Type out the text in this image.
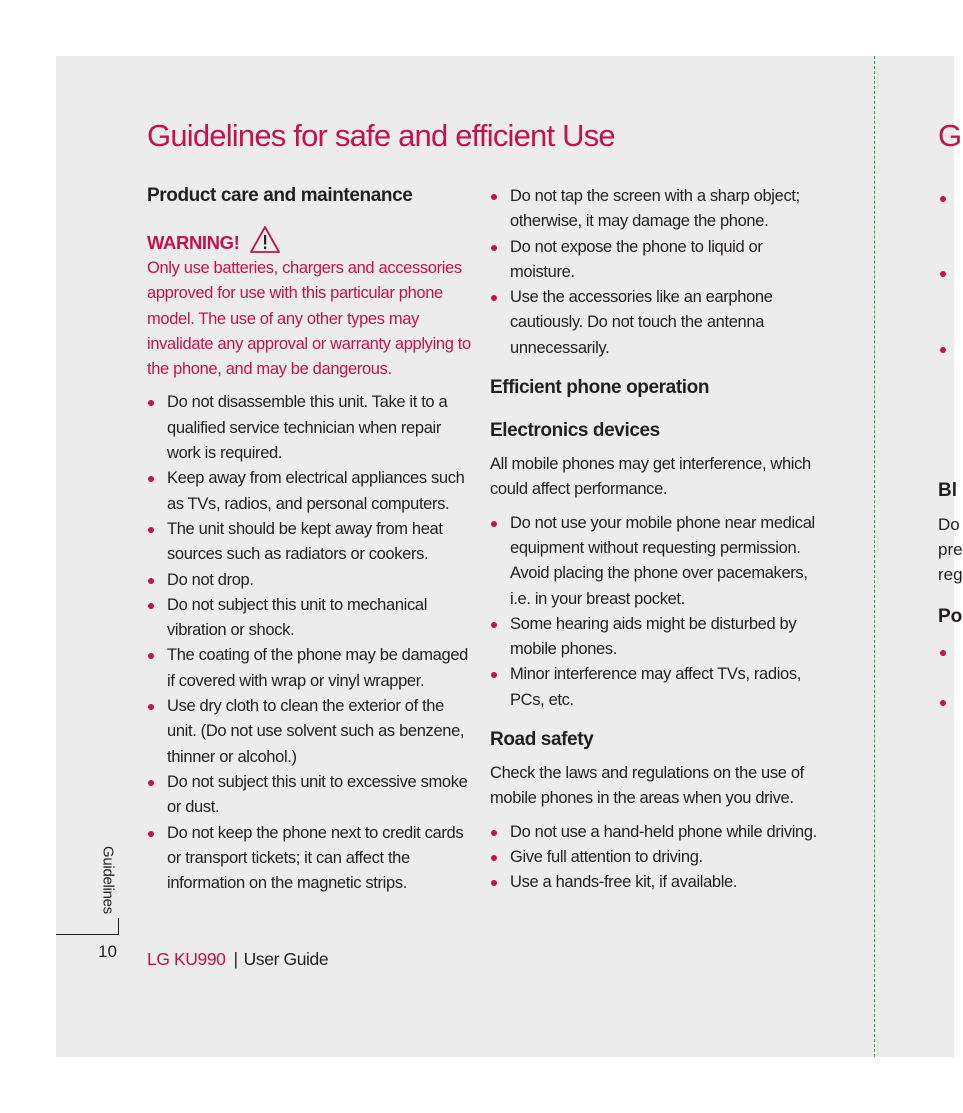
Guidelines for safe and efficient Use
Product care and maintenance
WARNING!

Only use batteries, chargers and accessories approved for use with this particular phone model. The use of any other types may invalidate any approval or warranty applying to the phone, and may be dangerous.

Do not disassemble this unit. Take it to a qualified service technician when repair work is required.
Keep away from electrical appliances such as TVs, radios, and personal computers.
The unit should be kept away from heat sources such as radiators or cookers.
Do not drop.
Do not subject this unit to mechanical vibration or shock.
The coating of the phone may be damaged if covered with wrap or vinyl wrapper.
Use dry cloth to clean the exterior of the unit. (Do not use solvent such as benzene, thinner or alcohol.)
Do not subject this unit to excessive smoke or dust.
Do not keep the phone next to credit cards or transport tickets; it can affect the information on the magnetic strips.
Do not tap the screen with a sharp object; otherwise, it may damage the phone.
Do not expose the phone to liquid or moisture.
Use the accessories like an earphone cautiously. Do not touch the antenna unnecessarily.
Efficient phone operation
Electronics devices

All mobile phones may get interference, which could affect performance.

Do not use your mobile phone near medical equipment without requesting permission. Avoid placing the phone over pacemakers, i.e. in your breast pocket.
Some hearing aids might be disturbed by mobile phones.
Minor interference may affect TVs, radios, PCs, etc.
Road safety

Check the laws and regulations on the use of mobile phones in the areas when you drive.

Do not use a hand-held phone while driving.
Give full attention to driving.
Use a hands-free kit, if available.
Guidelines
10 LG KU990 | User Guide
G
Bl
Do
pre
reg
Po
